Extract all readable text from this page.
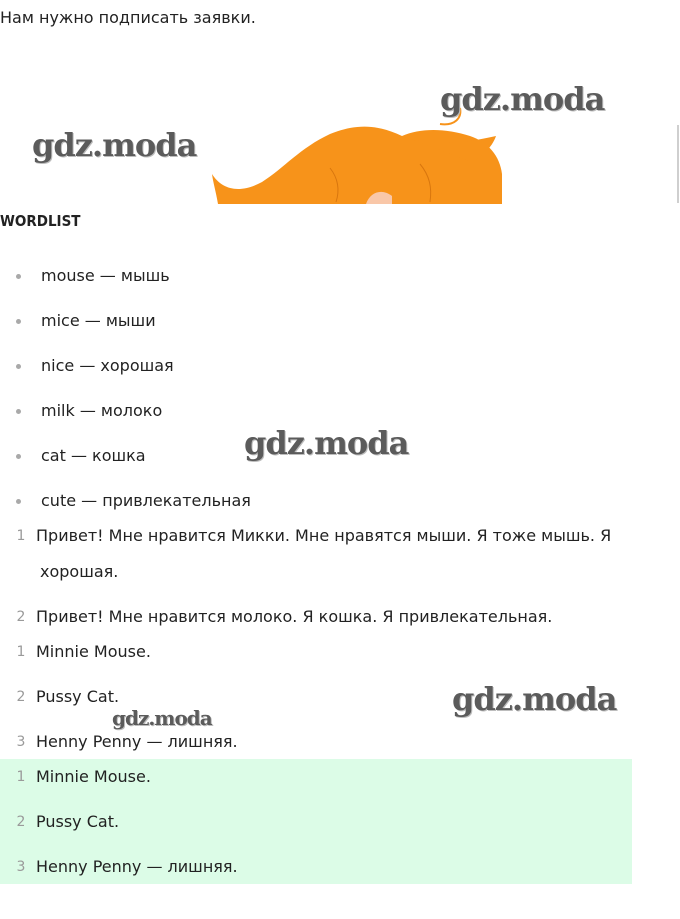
Нам нужно подписать заявки.
gdz.moda
gdz.moda
gdz.moda
gdz.moda
gdz.moda
WORDLIST
mouse — мышь
mice — мыши
nice — хорошая
milk — молоко
cat — кошка
cute — привлекательная
1 Привет! Мне нравится Микки. Мне нравятся мыши. Я тоже мышь. Я
хорошая.
2 Привет! Мне нравится молоко. Я кошка. Я привлекательная.
1 Minnie Mouse.
2 Pussy Cat.
3 Henny Penny — лишняя.
1 Minnie Mouse.
2 Pussy Cat.
3 Henny Penny — лишняя.
